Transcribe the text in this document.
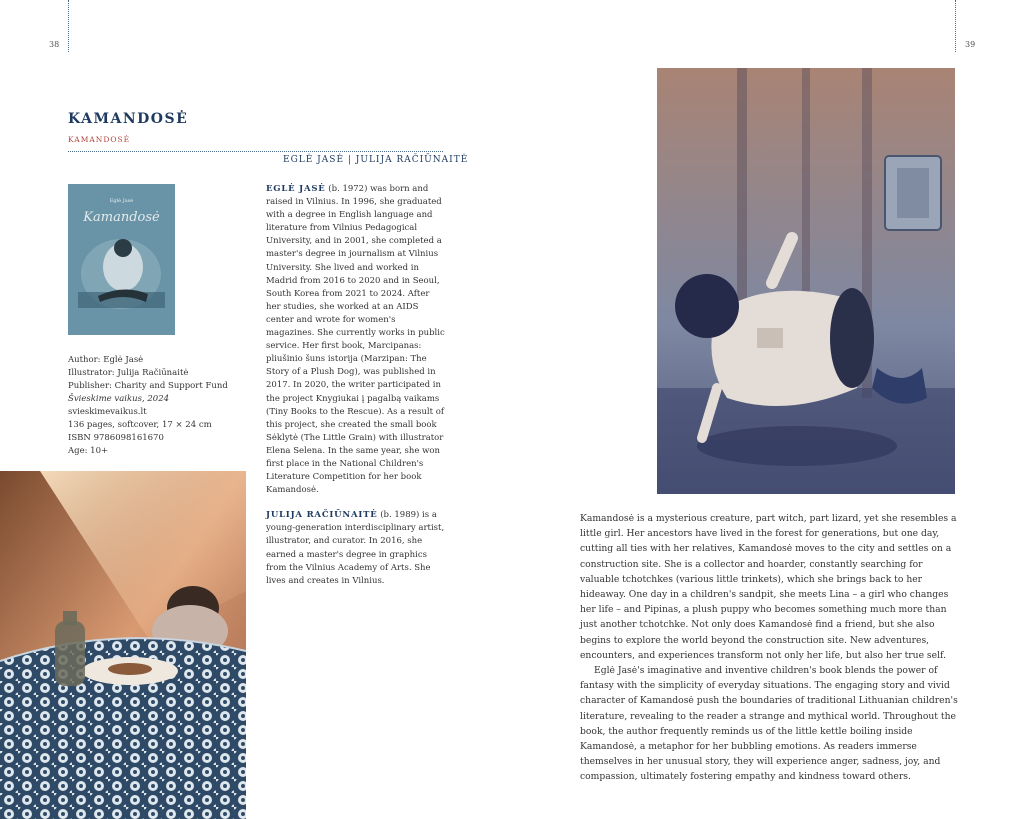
38	39
KAMANDOSĖ
KAMANDOSĖ
EGLĖ JASĖ | JULIJA RAČIŪNAITĖ
Eglė Jasė
Kamandosė
Author: Eglė Jasė
Illustrator: Julija Račiūnaitė
Publisher: Charity and Support Fund
Švieskime vaikus, 2024
svieskimevaikus.lt
136 pages, softcover, 17 × 24 cm
ISBN 9786098161670
Age: 10+

EGLĖ JASĖ (b. 1972) was born and raised in Vilnius. In 1996, she graduated with a degree in English language and literature from Vilnius Pedagogical University, and in 2001, she completed a master's degree in journalism at Vilnius University. She lived and worked in Madrid from 2016 to 2020 and in Seoul, South Korea from 2021 to 2024. After her studies, she worked at an AIDS center and wrote for women's magazines. She currently works in public service. Her first book, Marcipanas: pliušinio šuns istorija (Marzipan: The Story of a Plush Dog), was published in 2017. In 2020, the writer participated in the project Knygiukai į pagalbą vaikams (Tiny Books to the Rescue). As a result of this project, she created the small book Sėklytė (The Little Grain) with illustrator Elena Selena. In the same year, she won first place in the National Children's Literature Competition for her book Kamandosė.

JULIJA RAČIŪNAITĖ (b. 1989) is a young-generation interdisciplinary artist, illustrator, and curator. In 2016, she earned a master's degree in graphics from the Vilnius Academy of Arts. She lives and creates in Vilnius.

Kamandosė is a mysterious creature, part witch, part lizard, yet she resembles a little girl. Her ancestors have lived in the forest for generations, but one day, cutting all ties with her relatives, Kamandosė moves to the city and settles on a construction site. She is a collector and hoarder, constantly searching for valuable tchotchkes (various little trinkets), which she brings back to her hideaway. One day in a children's sandpit, she meets Lina – a girl who changes her life – and Pipinas, a plush puppy who becomes something much more than just another tchotchke. Not only does Kamandosė find a friend, but she also begins to explore the world beyond the construction site. New adventures, encounters, and experiences transform not only her life, but also her true self.

Eglė Jasė's imaginative and inventive children's book blends the power of fantasy with the simplicity of everyday situations. The engaging story and vivid character of Kamandosė push the boundaries of traditional Lithuanian children's literature, revealing to the reader a strange and mythical world. Throughout the book, the author frequently reminds us of the little kettle boiling inside Kamandosė, a metaphor for her bubbling emotions. As readers immerse themselves in her unusual story, they will experience anger, sadness, joy, and compassion, ultimately fostering empathy and kindness toward others.
